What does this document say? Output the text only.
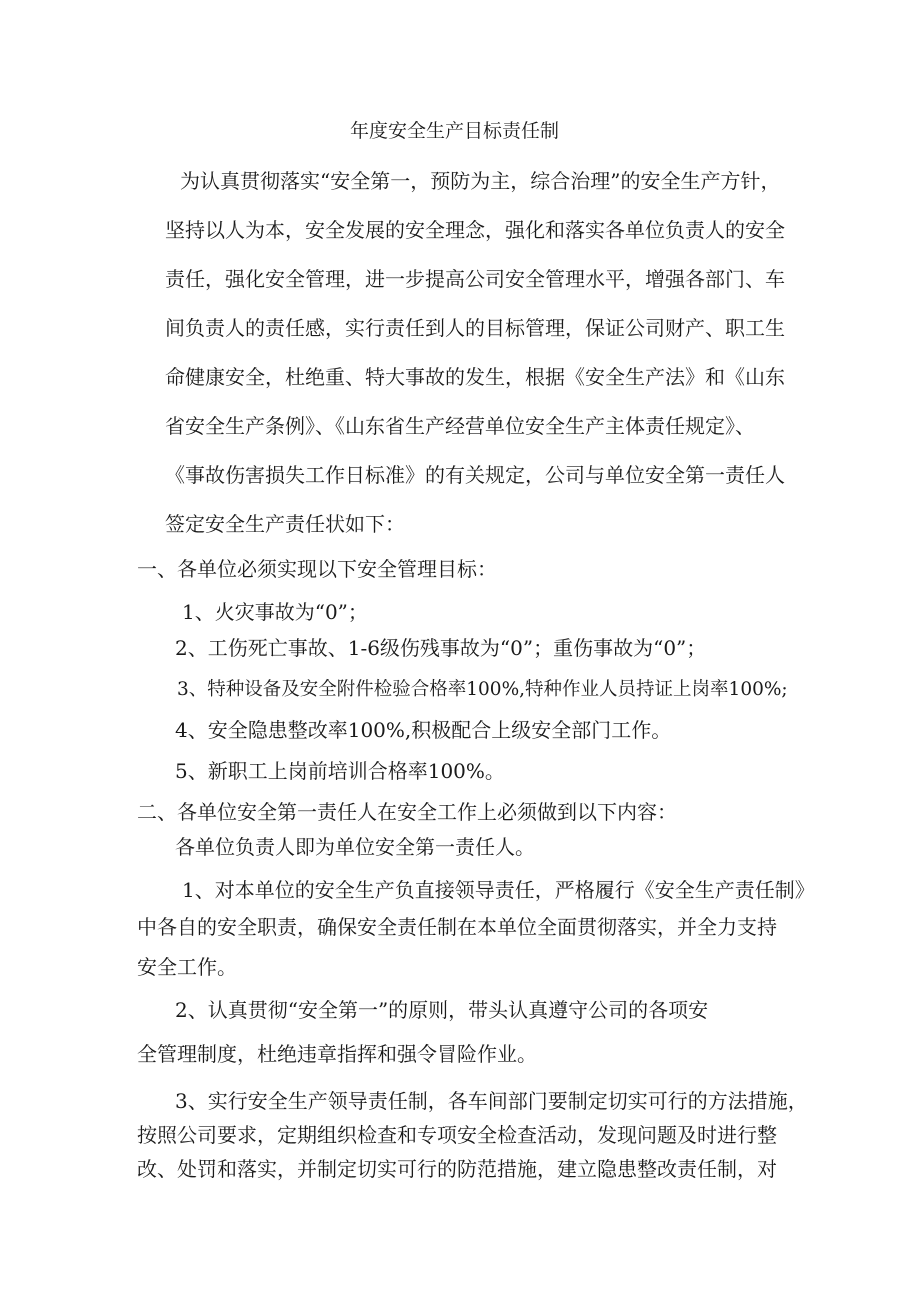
年度安全生产目标责任制
为认真贯彻落实“安全第一，预防为主，综合治理”的安全生产方针，
坚持以人为本，安全发展的安全理念，强化和落实各单位负责人的安全
责任，强化安全管理，进一步提高公司安全管理水平，增强各部门、车
间负责人的责任感，实行责任到人的目标管理，保证公司财产、职工生
命健康安全，杜绝重、特大事故的发生，根据《安全生产法》和《山东
省安全生产条例》、《山东省生产经营单位安全生产主体责任规定》、
《事故伤害损失工作日标准》的有关规定，公司与单位安全第一责任人
签定安全生产责任状如下：
一、各单位必须实现以下安全管理目标：
1、火灾事故为“0”；
2、工伤死亡事故、1-6级伤残事故为“0”；重伤事故为“0”；
3、特种设备及安全附件检验合格率100%,特种作业人员持证上岗率100%;
4、安全隐患整改率100%,积极配合上级安全部门工作。
5、新职工上岗前培训合格率100%。
二、各单位安全第一责任人在安全工作上必须做到以下内容：
各单位负责人即为单位安全第一责任人。
1、对本单位的安全生产负直接领导责任，严格履行《安全生产责任制》
中各自的安全职责，确保安全责任制在本单位全面贯彻落实，并全力支持
安全工作。
2、认真贯彻“安全第一”的原则，带头认真遵守公司的各项安
全管理制度，杜绝违章指挥和强令冒险作业。
3、实行安全生产领导责任制，各车间部门要制定切实可行的方法措施，
按照公司要求，定期组织检查和专项安全检查活动，发现问题及时进行整
改、处罚和落实，并制定切实可行的防范措施，建立隐患整改责任制，对
